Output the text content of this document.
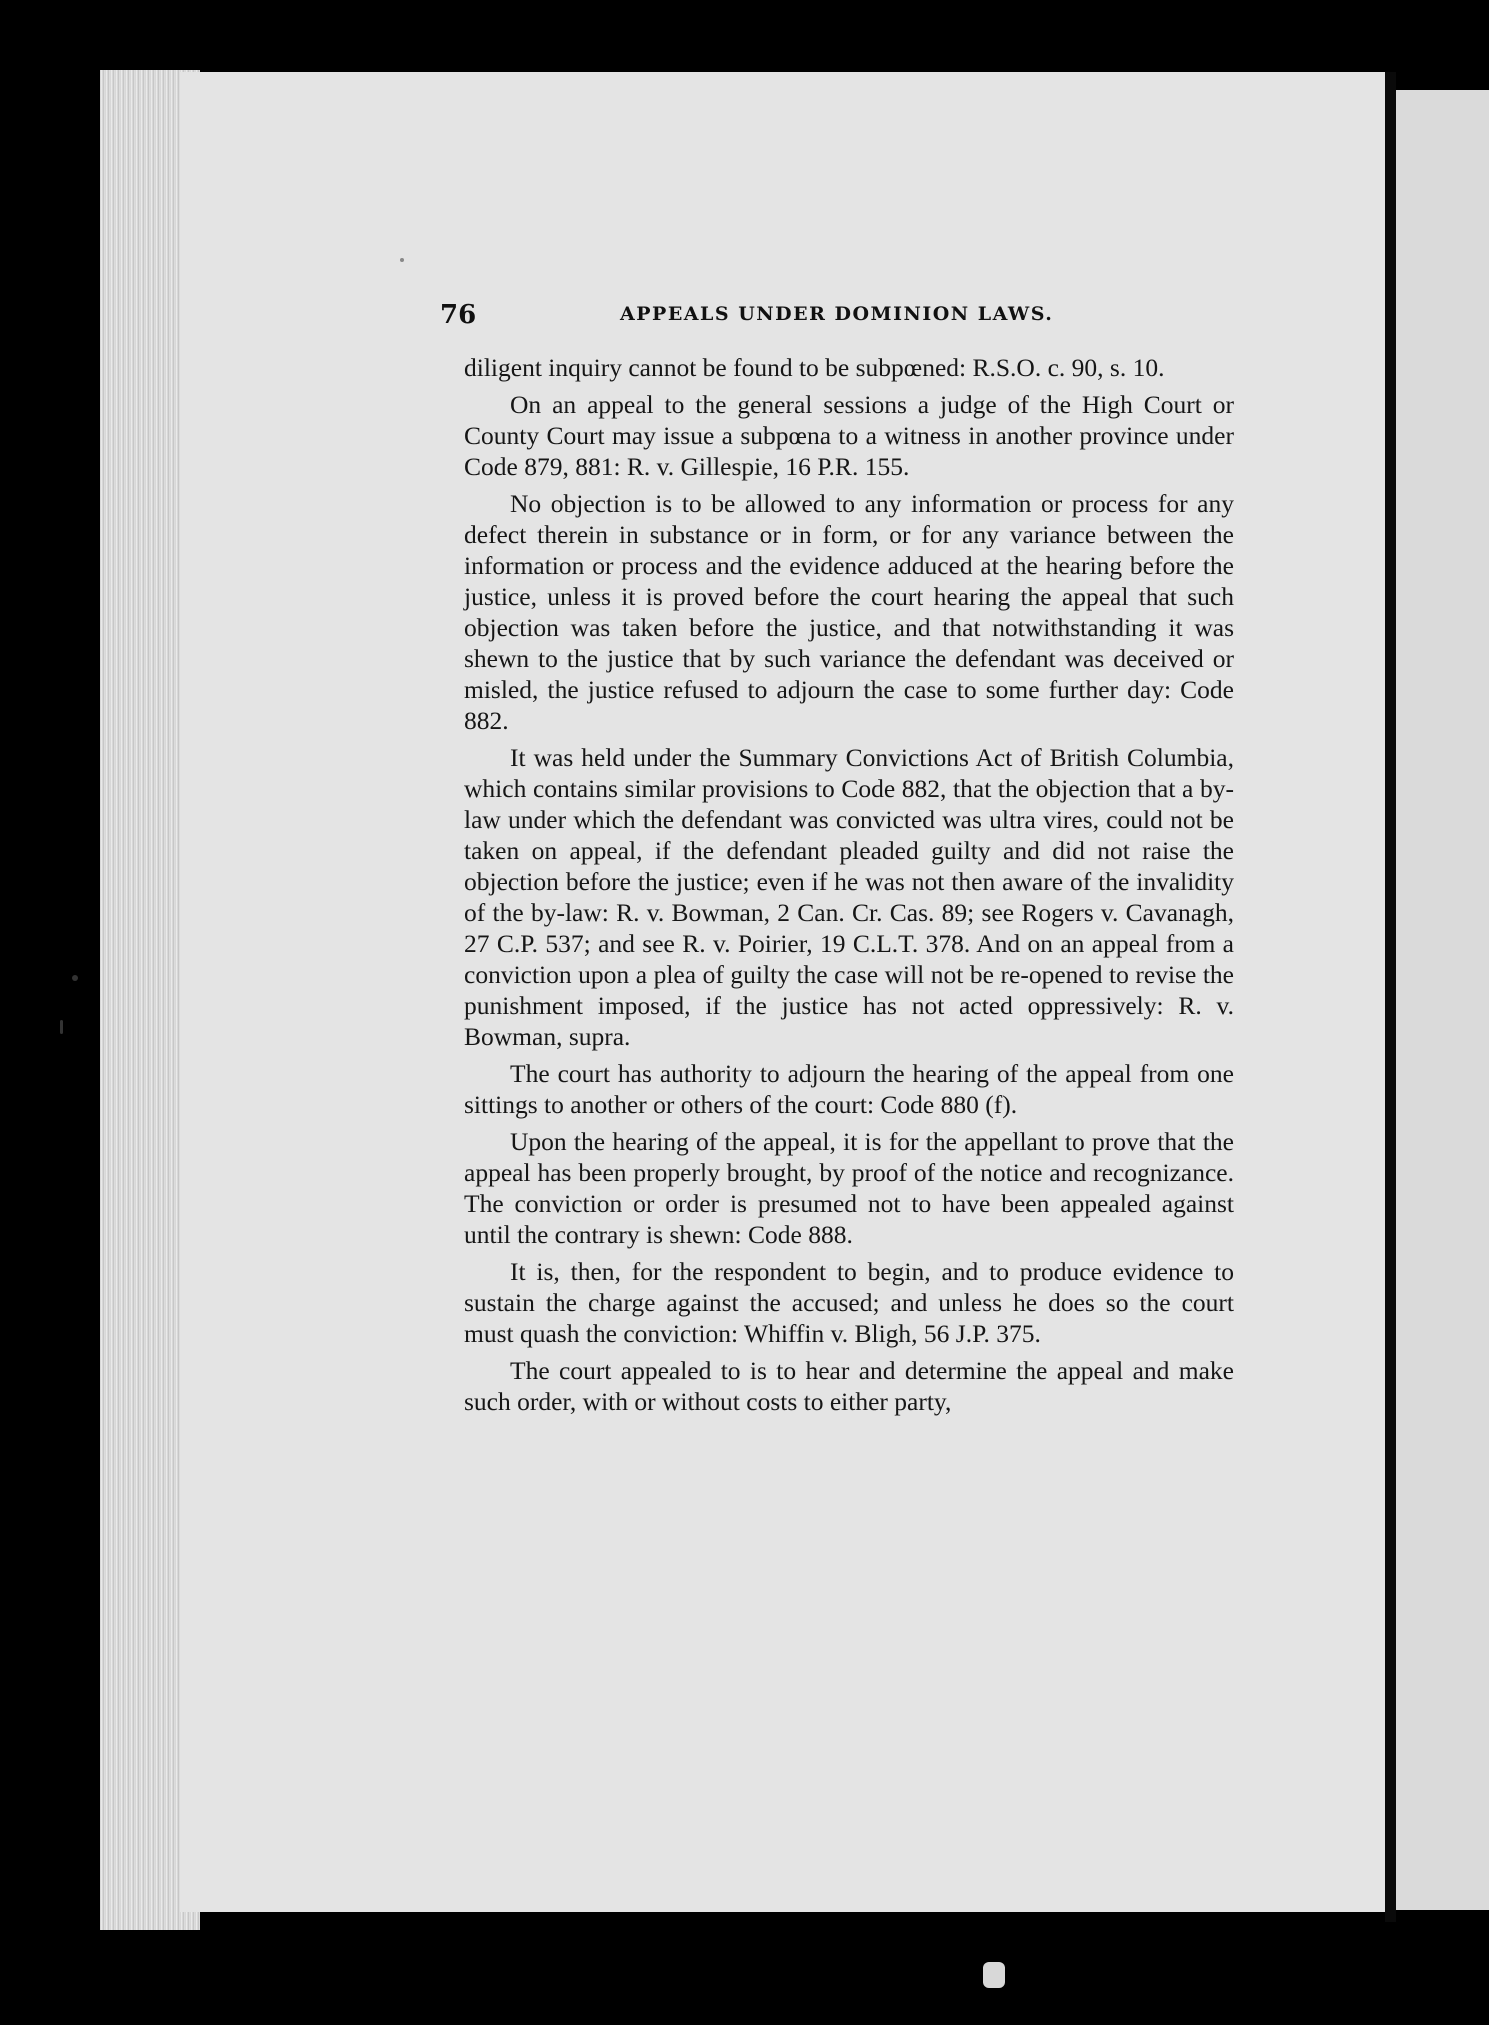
76	APPEALS UNDER DOMINION LAWS.

diligent inquiry cannot be found to be subpœned: R.S.O. c. 90, s. 10.

On an appeal to the general sessions a judge of the High Court or County Court may issue a subpœna to a witness in another province under Code 879, 881: R. v. Gillespie, 16 P.R. 155.

No objection is to be allowed to any information or process for any defect therein in substance or in form, or for any variance between the information or process and the evidence adduced at the hearing before the justice, unless it is proved before the court hearing the appeal that such objection was taken before the justice, and that notwithstanding it was shewn to the justice that by such variance the defendant was deceived or misled, the justice refused to adjourn the case to some further day: Code 882.

It was held under the Summary Convictions Act of British Columbia, which contains similar provisions to Code 882, that the objection that a by-law under which the defendant was convicted was ultra vires, could not be taken on appeal, if the defendant pleaded guilty and did not raise the objection before the justice; even if he was not then aware of the invalidity of the by-law: R. v. Bowman, 2 Can. Cr. Cas. 89; see Rogers v. Cavanagh, 27 C.P. 537; and see R. v. Poirier, 19 C.L.T. 378. And on an appeal from a conviction upon a plea of guilty the case will not be re-opened to revise the punishment imposed, if the justice has not acted oppressively: R. v. Bowman, supra.

The court has authority to adjourn the hearing of the appeal from one sittings to another or others of the court: Code 880 (f).

Upon the hearing of the appeal, it is for the appellant to prove that the appeal has been properly brought, by proof of the notice and recognizance. The conviction or order is presumed not to have been appealed against until the contrary is shewn: Code 888.

It is, then, for the respondent to begin, and to produce evidence to sustain the charge against the accused; and unless he does so the court must quash the conviction: Whiffin v. Bligh, 56 J.P. 375.

The court appealed to is to hear and determine the appeal and make such order, with or without costs to either party,
